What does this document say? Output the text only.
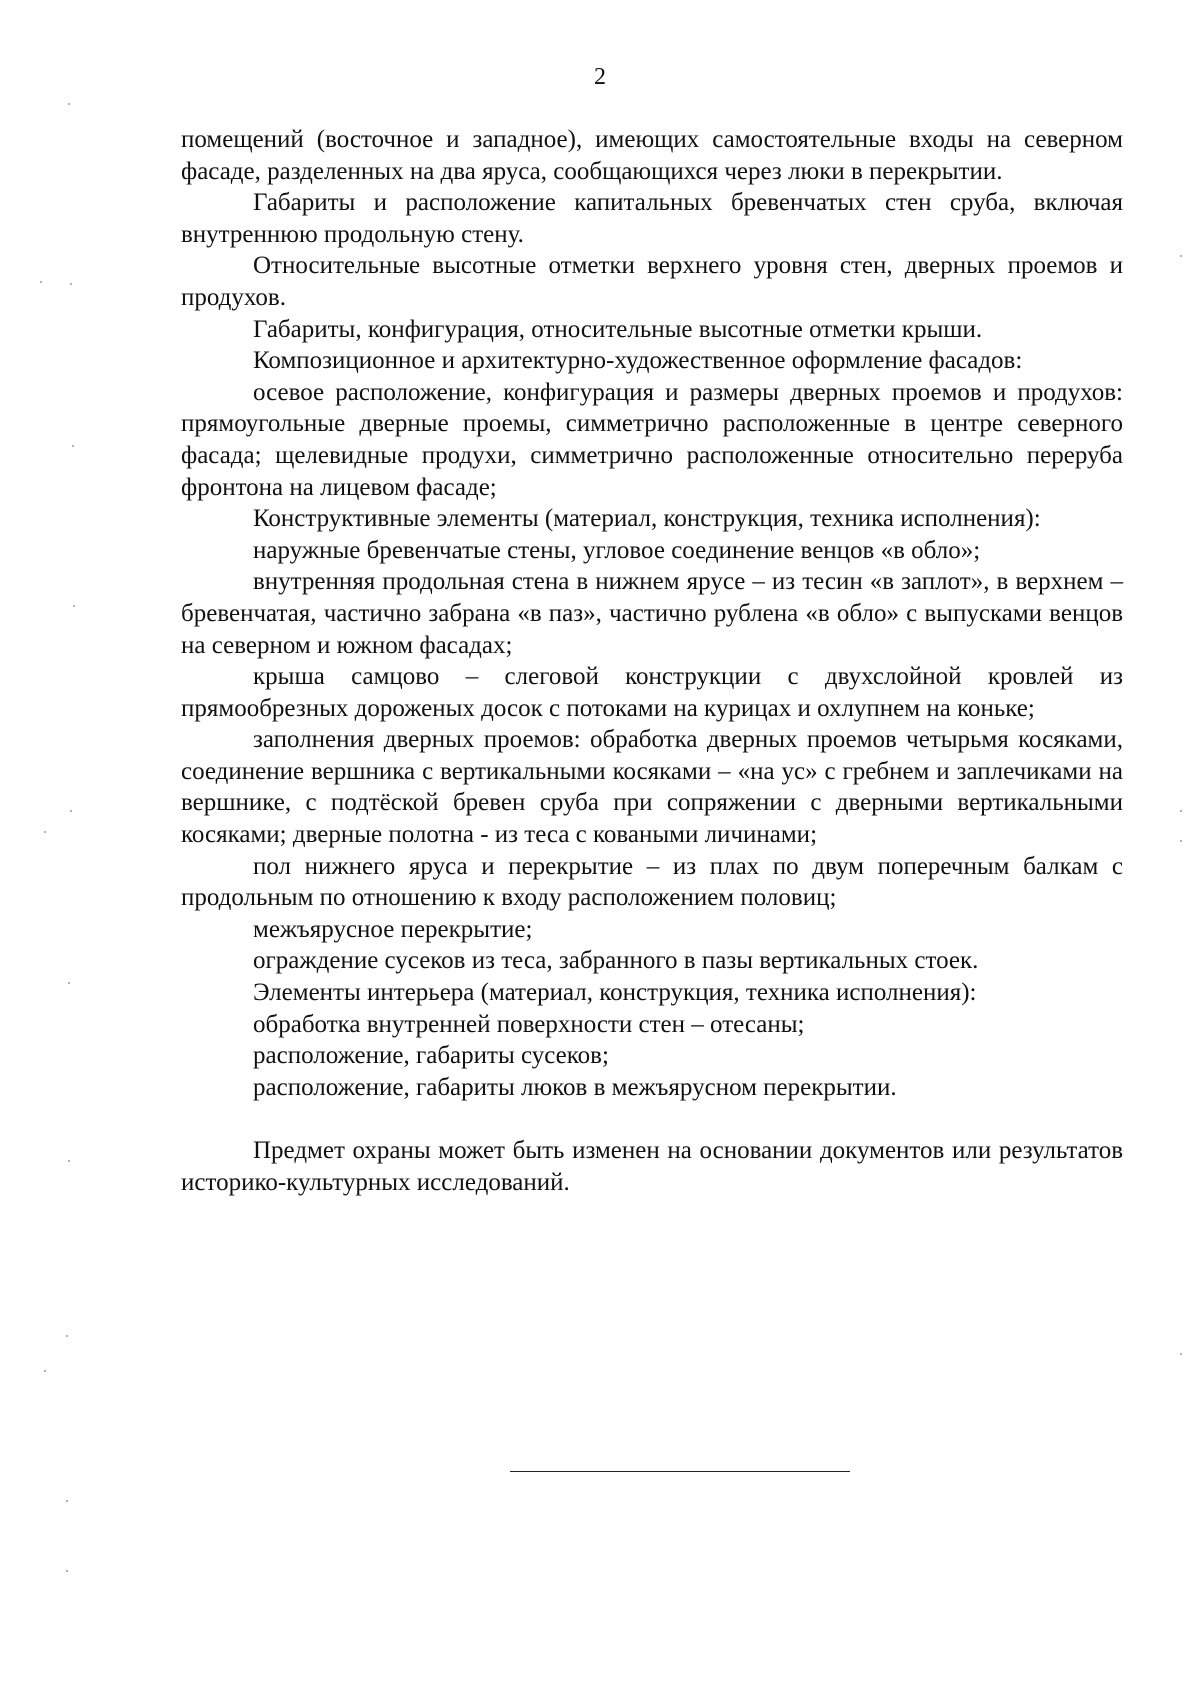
2

помещений (восточное и западное), имеющих самостоятельные входы на северном фасаде, разделенных на два яруса, сообщающихся через люки в перекрытии.

Габариты и расположение капитальных бревенчатых стен сруба, включая внутреннюю продольную стену.

Относительные высотные отметки верхнего уровня стен, дверных проемов и продухов.

Габариты, конфигурация, относительные высотные отметки крыши.

Композиционное и архитектурно-художественное оформление фасадов:

осевое расположение, конфигурация и размеры дверных проемов и продухов: прямоугольные дверные проемы, симметрично расположенные в центре северного фасада; щелевидные продухи, симметрично расположенные относительно переруба фронтона на лицевом фасаде;

Конструктивные элементы (материал, конструкция, техника исполнения):

наружные бревенчатые стены, угловое соединение венцов «в обло»;

внутренняя продольная стена в нижнем ярусе – из тесин «в заплот», в верхнем – бревенчатая, частично забрана «в паз», частично рублена «в обло» с выпусками венцов на северном и южном фасадах;

крыша самцово – слеговой конструкции с двухслойной кровлей из прямообрезных дороженых досок с потоками на курицах и охлупнем на коньке;

заполнения дверных проемов: обработка дверных проемов четырьмя косяками, соединение вершника с вертикальными косяками – «на ус» с гребнем и заплечиками на вершнике, с подтёской бревен сруба при сопряжении с дверными вертикальными косяками; дверные полотна - из теса с коваными личинами;

пол нижнего яруса и перекрытие – из плах по двум поперечным балкам с продольным по отношению к входу расположением половиц;

межъярусное перекрытие;

ограждение сусеков из теса, забранного в пазы вертикальных стоек.

Элементы интерьера (материал, конструкция, техника исполнения):

обработка внутренней поверхности стен – отесаны;

расположение, габариты сусеков;

расположение, габариты люков в межъярусном перекрытии.

Предмет охраны может быть изменен на основании документов или результатов историко-культурных исследований.
